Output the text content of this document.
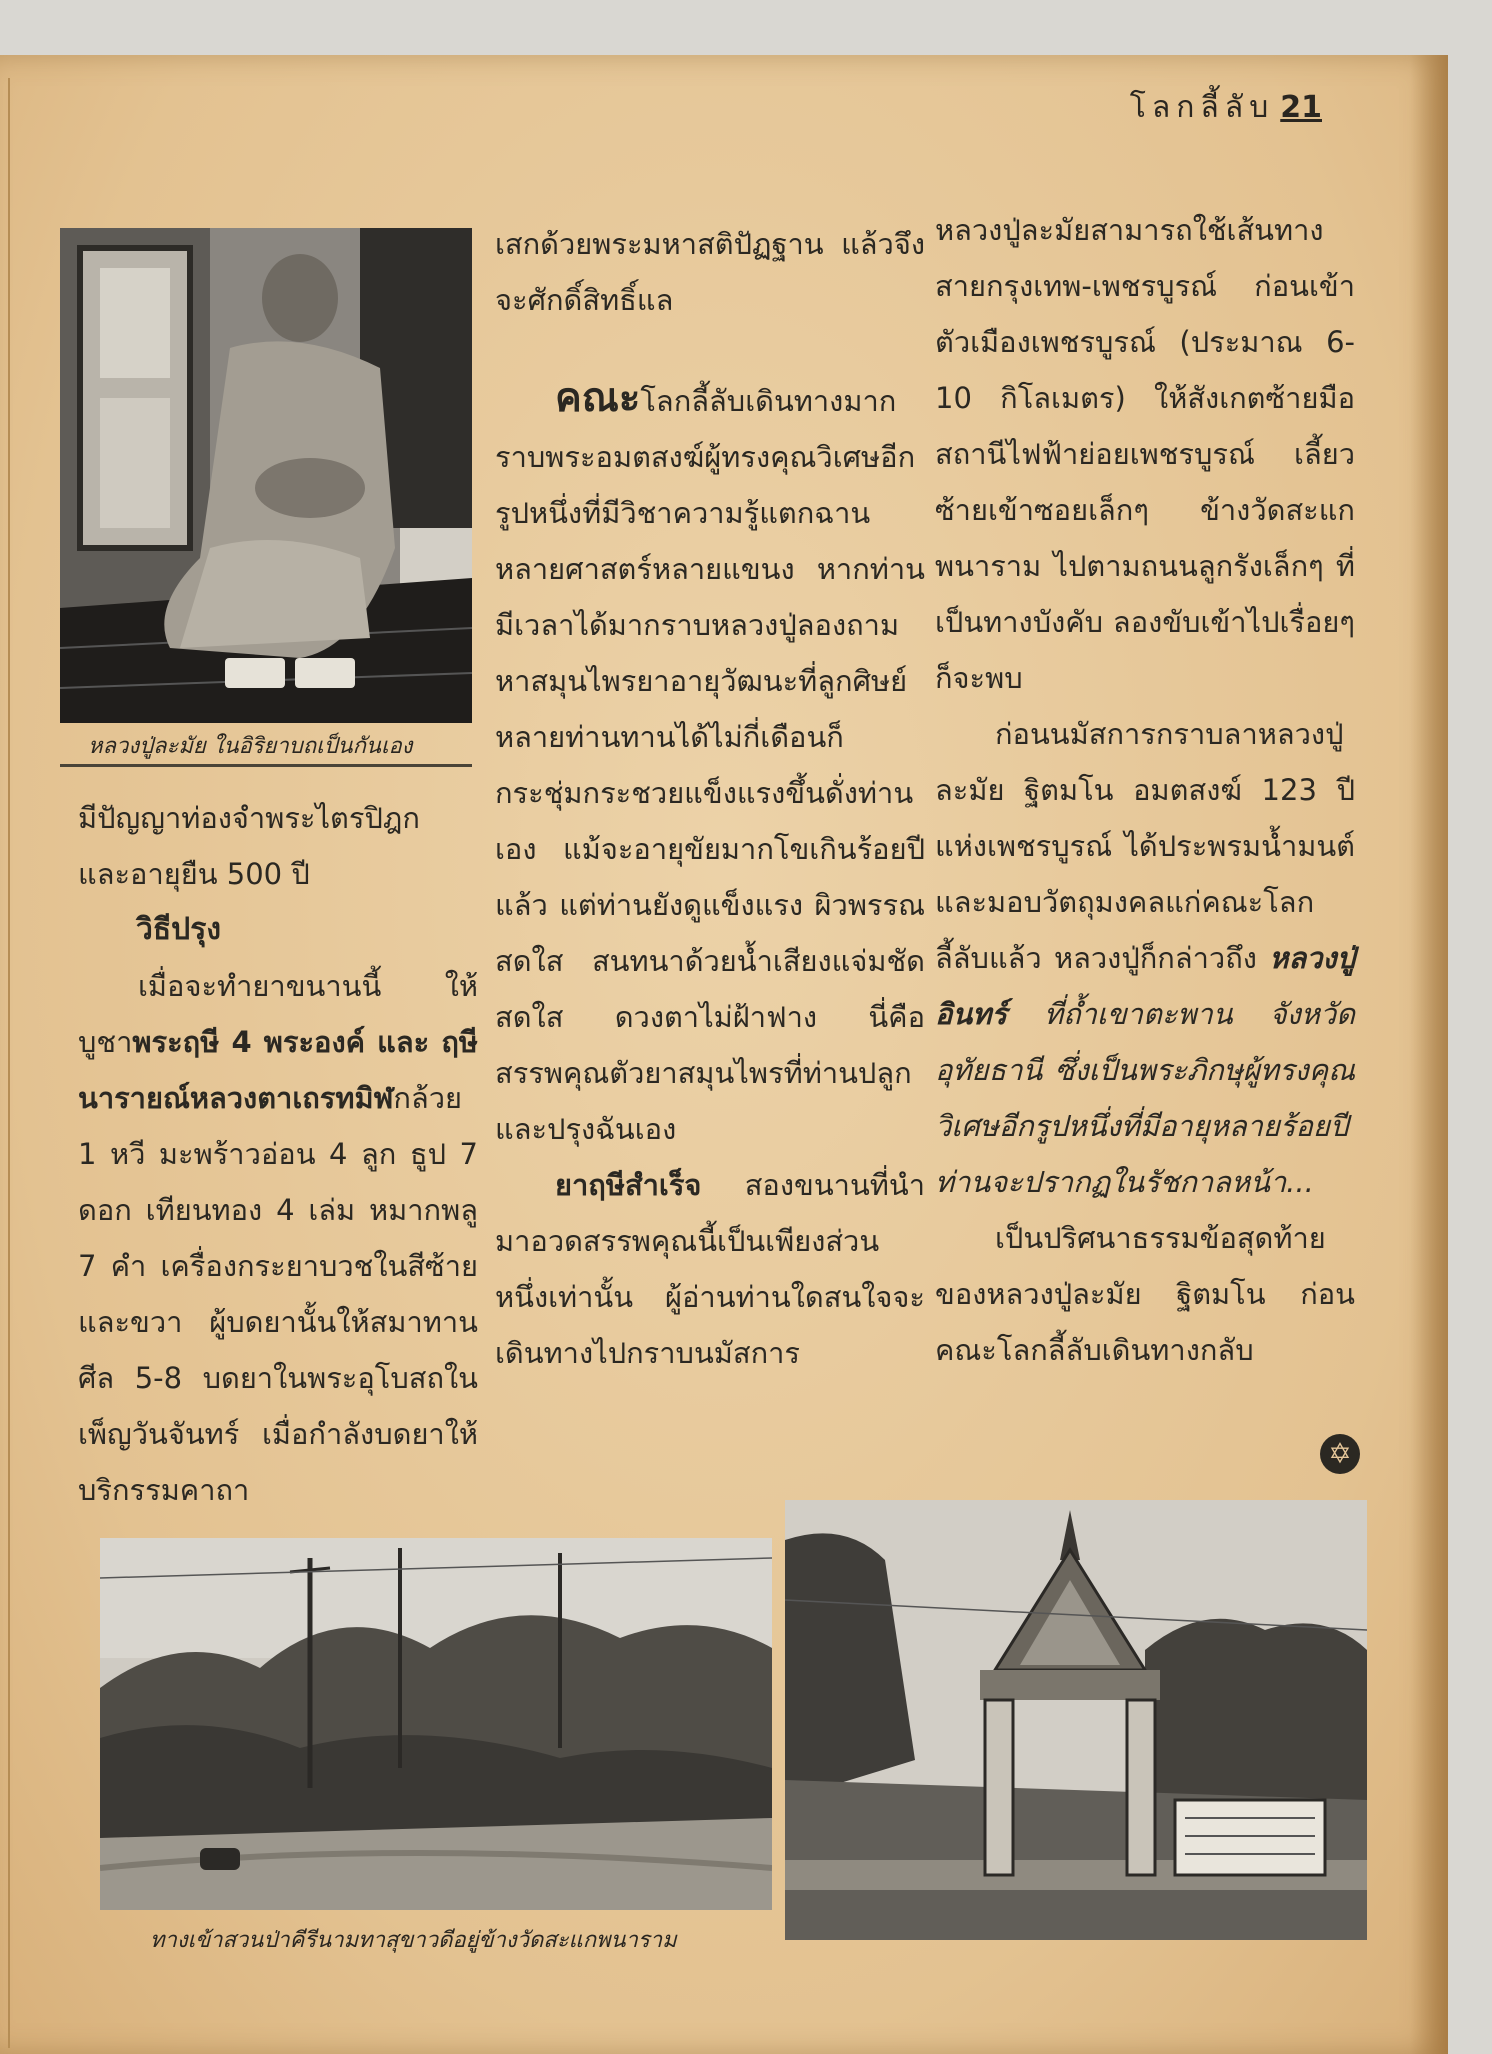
โลกลี้ลับ 21
หลวงปู่ละมัย ในอิริยาบถเป็นกันเอง

มีปัญญาท่องจำพระไตรปิฎก และอายุยืน 500 ปี

วิธีปรุง

เมื่อจะทำยาขนานนี้ ให้บูชาพระฤษี 4 พระองค์ และ ฤษีนารายณ์หลวงตาเถรทมิฬกล้วย 1 หวี มะพร้าวอ่อน 4 ลูก ธูป 7 ดอก เทียนทอง 4 เล่ม หมากพลู 7 คำ เครื่องกระยาบวชในสีซ้ายและขวา ผู้บดยานั้นให้สมาทานศีล 5-8 บดยาในพระอุโบสถในเพ็ญวันจันทร์ เมื่อกำลังบดยาให้บริกรรมคาถา

เสกด้วยพระมหาสติปัฏฐาน แล้วจึงจะศักดิ์สิทธิ์แล

คณะโลกลี้ลับเดินทางมากราบพระอมตสงฆ์ผู้ทรงคุณวิเศษอีกรูปหนึ่งที่มีวิชาความรู้แตกฉานหลายศาสตร์หลายแขนง หากท่านมีเวลาได้มากราบหลวงปู่ลองถามหาสมุนไพรยาอายุวัฒนะที่ลูกศิษย์หลายท่านทานได้ไม่กี่เดือนก็กระชุ่มกระชวยแข็งแรงขึ้นดั่งท่านเอง แม้จะอายุขัยมากโขเกินร้อยปีแล้ว แต่ท่านยังดูแข็งแรง ผิวพรรณสดใส สนทนาด้วยน้ำเสียงแจ่มชัดสดใส ดวงตาไม่ฝ้าฟาง นี่คือสรรพคุณตัวยาสมุนไพรที่ท่านปลูก และปรุงฉันเอง

ยาฤษีสำเร็จ สองขนานที่นำมาอวดสรรพคุณนี้เป็นเพียงส่วนหนึ่งเท่านั้น ผู้อ่านท่านใดสนใจจะเดินทางไปกราบนมัสการ

หลวงปู่ละมัยสามารถใช้เส้นทางสายกรุงเทพ-เพชรบูรณ์ ก่อนเข้าตัวเมืองเพชรบูรณ์ (ประมาณ 6-10 กิโลเมตร) ให้สังเกตซ้ายมือสถานีไฟฟ้าย่อยเพชรบูรณ์ เลี้ยวซ้ายเข้าซอยเล็กๆ ข้างวัดสะแกพนาราม ไปตามถนนลูกรังเล็กๆ ที่เป็นทางบังคับ ลองขับเข้าไปเรื่อยๆ ก็จะพบ

ก่อนนมัสการกราบลาหลวงปู่ละมัย ฐิตมโน อมตสงฆ์ 123 ปีแห่งเพชรบูรณ์ ได้ประพรมน้ำมนต์และมอบวัตถุมงคลแก่คณะโลกลี้ลับแล้ว หลวงปู่ก็กล่าวถึง หลวงปู่อินทร์ ที่ถ้ำเขาตะพาน จังหวัดอุทัยธานี ซึ่งเป็นพระภิกษุผู้ทรงคุณวิเศษอีกรูปหนึ่งที่มีอายุหลายร้อยปี ท่านจะปรากฏในรัชกาลหน้า...

เป็นปริศนาธรรมข้อสุดท้ายของหลวงปู่ละมัย ฐิตมโน ก่อนคณะโลกลี้ลับเดินทางกลับ

✡
ทางเข้าสวนป่าคีรีนามทาสุขาวดีอยู่ข้างวัดสะแกพนาราม
